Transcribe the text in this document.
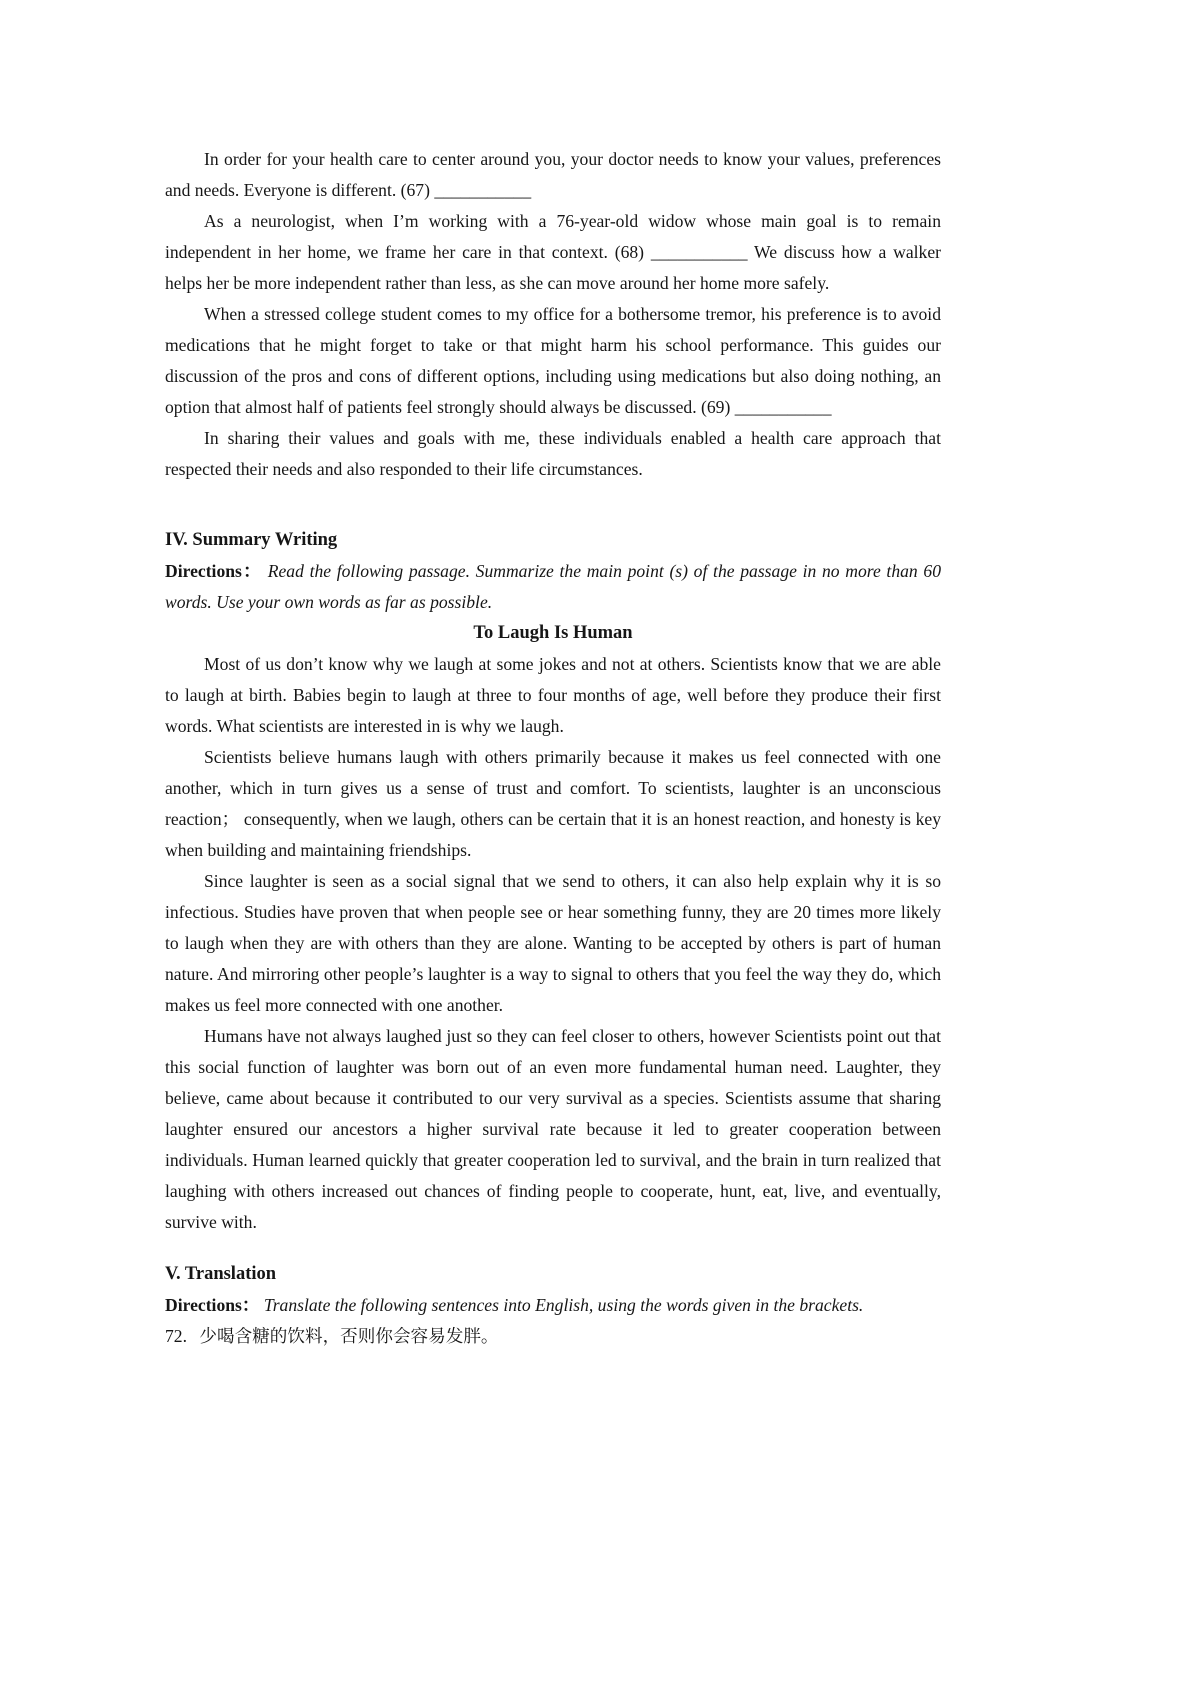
In order for your health care to center around you, your doctor needs to know your values, preferences and needs. Everyone is different. (67) ___________

As a neurologist, when I’m working with a 76-year-old widow whose main goal is to remain independent in her home, we frame her care in that context. (68) ___________ We discuss how a walker helps her be more independent rather than less, as she can move around her home more safely.

When a stressed college student comes to my office for a bothersome tremor, his preference is to avoid medications that he might forget to take or that might harm his school performance. This guides our discussion of the pros and cons of different options, including using medications but also doing nothing, an option that almost half of patients feel strongly should always be discussed. (69) ___________

In sharing their values and goals with me, these individuals enabled a health care approach that respected their needs and also responded to their life circumstances.

IV. Summary Writing

Directions： Read the following passage. Summarize the main point (s) of the passage in no more than 60 words. Use your own words as far as possible.

To Laugh Is Human

Most of us don’t know why we laugh at some jokes and not at others. Scientists know that we are able to laugh at birth. Babies begin to laugh at three to four months of age, well before they produce their first words. What scientists are interested in is why we laugh.

Scientists believe humans laugh with others primarily because it makes us feel connected with one another, which in turn gives us a sense of trust and comfort. To scientists, laughter is an unconscious reaction； consequently, when we laugh, others can be certain that it is an honest reaction, and honesty is key when building and maintaining friendships.

Since laughter is seen as a social signal that we send to others, it can also help explain why it is so infectious. Studies have proven that when people see or hear something funny, they are 20 times more likely to laugh when they are with others than they are alone. Wanting to be accepted by others is part of human nature. And mirroring other people’s laughter is a way to signal to others that you feel the way they do, which makes us feel more connected with one another.

Humans have not always laughed just so they can feel closer to others, however Scientists point out that this social function of laughter was born out of an even more fundamental human need. Laughter, they believe, came about because it contributed to our very survival as a species. Scientists assume that sharing laughter ensured our ancestors a higher survival rate because it led to greater cooperation between individuals. Human learned quickly that greater cooperation led to survival, and the brain in turn realized that laughing with others increased out chances of finding people to cooperate, hunt, eat, live, and eventually, survive with.

V. Translation

Directions： Translate the following sentences into English, using the words given in the brackets.

72. 少喝含糖的饮料，否则你会容易发胖。
